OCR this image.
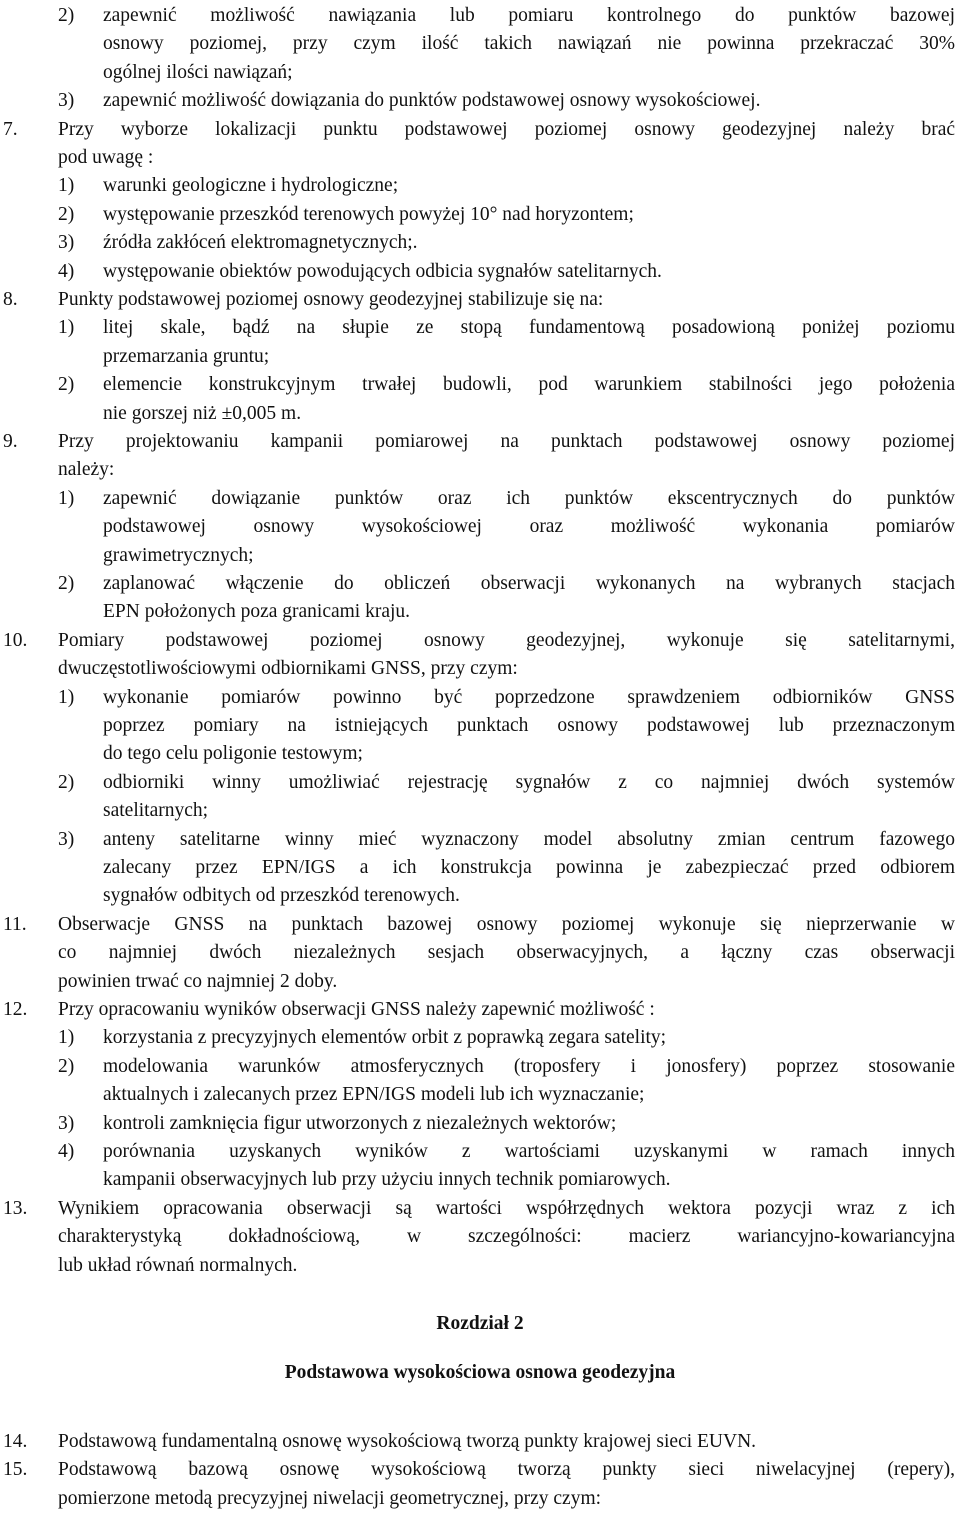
2) zapewnić możliwość nawiązania lub pomiaru kontrolnego do punktów bazowej
osnowy poziomej, przy czym ilość takich nawiązań nie powinna przekraczać 30%
ogólnej ilości nawiązań;
3) zapewnić możliwość dowiązania do punktów podstawowej osnowy wysokościowej.
7. Przy wyborze lokalizacji punktu podstawowej poziomej osnowy geodezyjnej należy brać
pod uwagę :
1) warunki geologiczne i hydrologiczne;
2) występowanie przeszkód terenowych powyżej 10° nad horyzontem;
3) źródła zakłóceń elektromagnetycznych;.
4) występowanie obiektów powodujących odbicia sygnałów satelitarnych.
8. Punkty podstawowej poziomej osnowy geodezyjnej stabilizuje się na:
1) litej skale, bądź na słupie ze stopą fundamentową posadowioną poniżej poziomu
przemarzania gruntu;
2) elemencie konstrukcyjnym trwałej budowli, pod warunkiem stabilności jego położenia
nie gorszej niż ±0,005 m.
9. Przy projektowaniu kampanii pomiarowej na punktach podstawowej osnowy poziomej
należy:
1) zapewnić dowiązanie punktów oraz ich punktów ekscentrycznych do punktów
podstawowej osnowy wysokościowej oraz możliwość wykonania pomiarów
grawimetrycznych;
2) zaplanować włączenie do obliczeń obserwacji wykonanych na wybranych stacjach
EPN położonych poza granicami kraju.
10. Pomiary podstawowej poziomej osnowy geodezyjnej, wykonuje się satelitarnymi,
dwuczęstotliwościowymi odbiornikami GNSS, przy czym:
1) wykonanie pomiarów powinno być poprzedzone sprawdzeniem odbiorników GNSS
poprzez pomiary na istniejących punktach osnowy podstawowej lub przeznaczonym
do tego celu poligonie testowym;
2) odbiorniki winny umożliwiać rejestrację sygnałów z co najmniej dwóch systemów
satelitarnych;
3) anteny satelitarne winny mieć wyznaczony model absolutny zmian centrum fazowego
zalecany przez EPN/IGS a ich konstrukcja powinna je zabezpieczać przed odbiorem
sygnałów odbitych od przeszkód terenowych.
11. Obserwacje GNSS na punktach bazowej osnowy poziomej wykonuje się nieprzerwanie w
co najmniej dwóch niezależnych sesjach obserwacyjnych, a łączny czas obserwacji
powinien trwać co najmniej 2 doby.
12. Przy opracowaniu wyników obserwacji GNSS należy zapewnić możliwość :
1) korzystania z precyzyjnych elementów orbit z poprawką zegara satelity;
2) modelowania warunków atmosferycznych (troposfery i jonosfery) poprzez stosowanie
aktualnych i zalecanych przez EPN/IGS modeli lub ich wyznaczanie;
3) kontroli zamknięcia figur utworzonych z niezależnych wektorów;
4) porównania uzyskanych wyników z wartościami uzyskanymi w ramach innych
kampanii obserwacyjnych lub przy użyciu innych technik pomiarowych.
13. Wynikiem opracowania obserwacji są wartości współrzędnych wektora pozycji wraz z ich
charakterystyką dokładnościową, w szczególności: macierz wariancyjno-kowariancyjna
lub układ równań normalnych.
Rozdział 2
Podstawowa wysokościowa osnowa geodezyjna
14. Podstawową fundamentalną osnowę wysokościową tworzą punkty krajowej sieci EUVN.
15. Podstawową bazową osnowę wysokościową tworzą punkty sieci niwelacyjnej (repery),
pomierzone metodą precyzyjnej niwelacji geometrycznej, przy czym:
